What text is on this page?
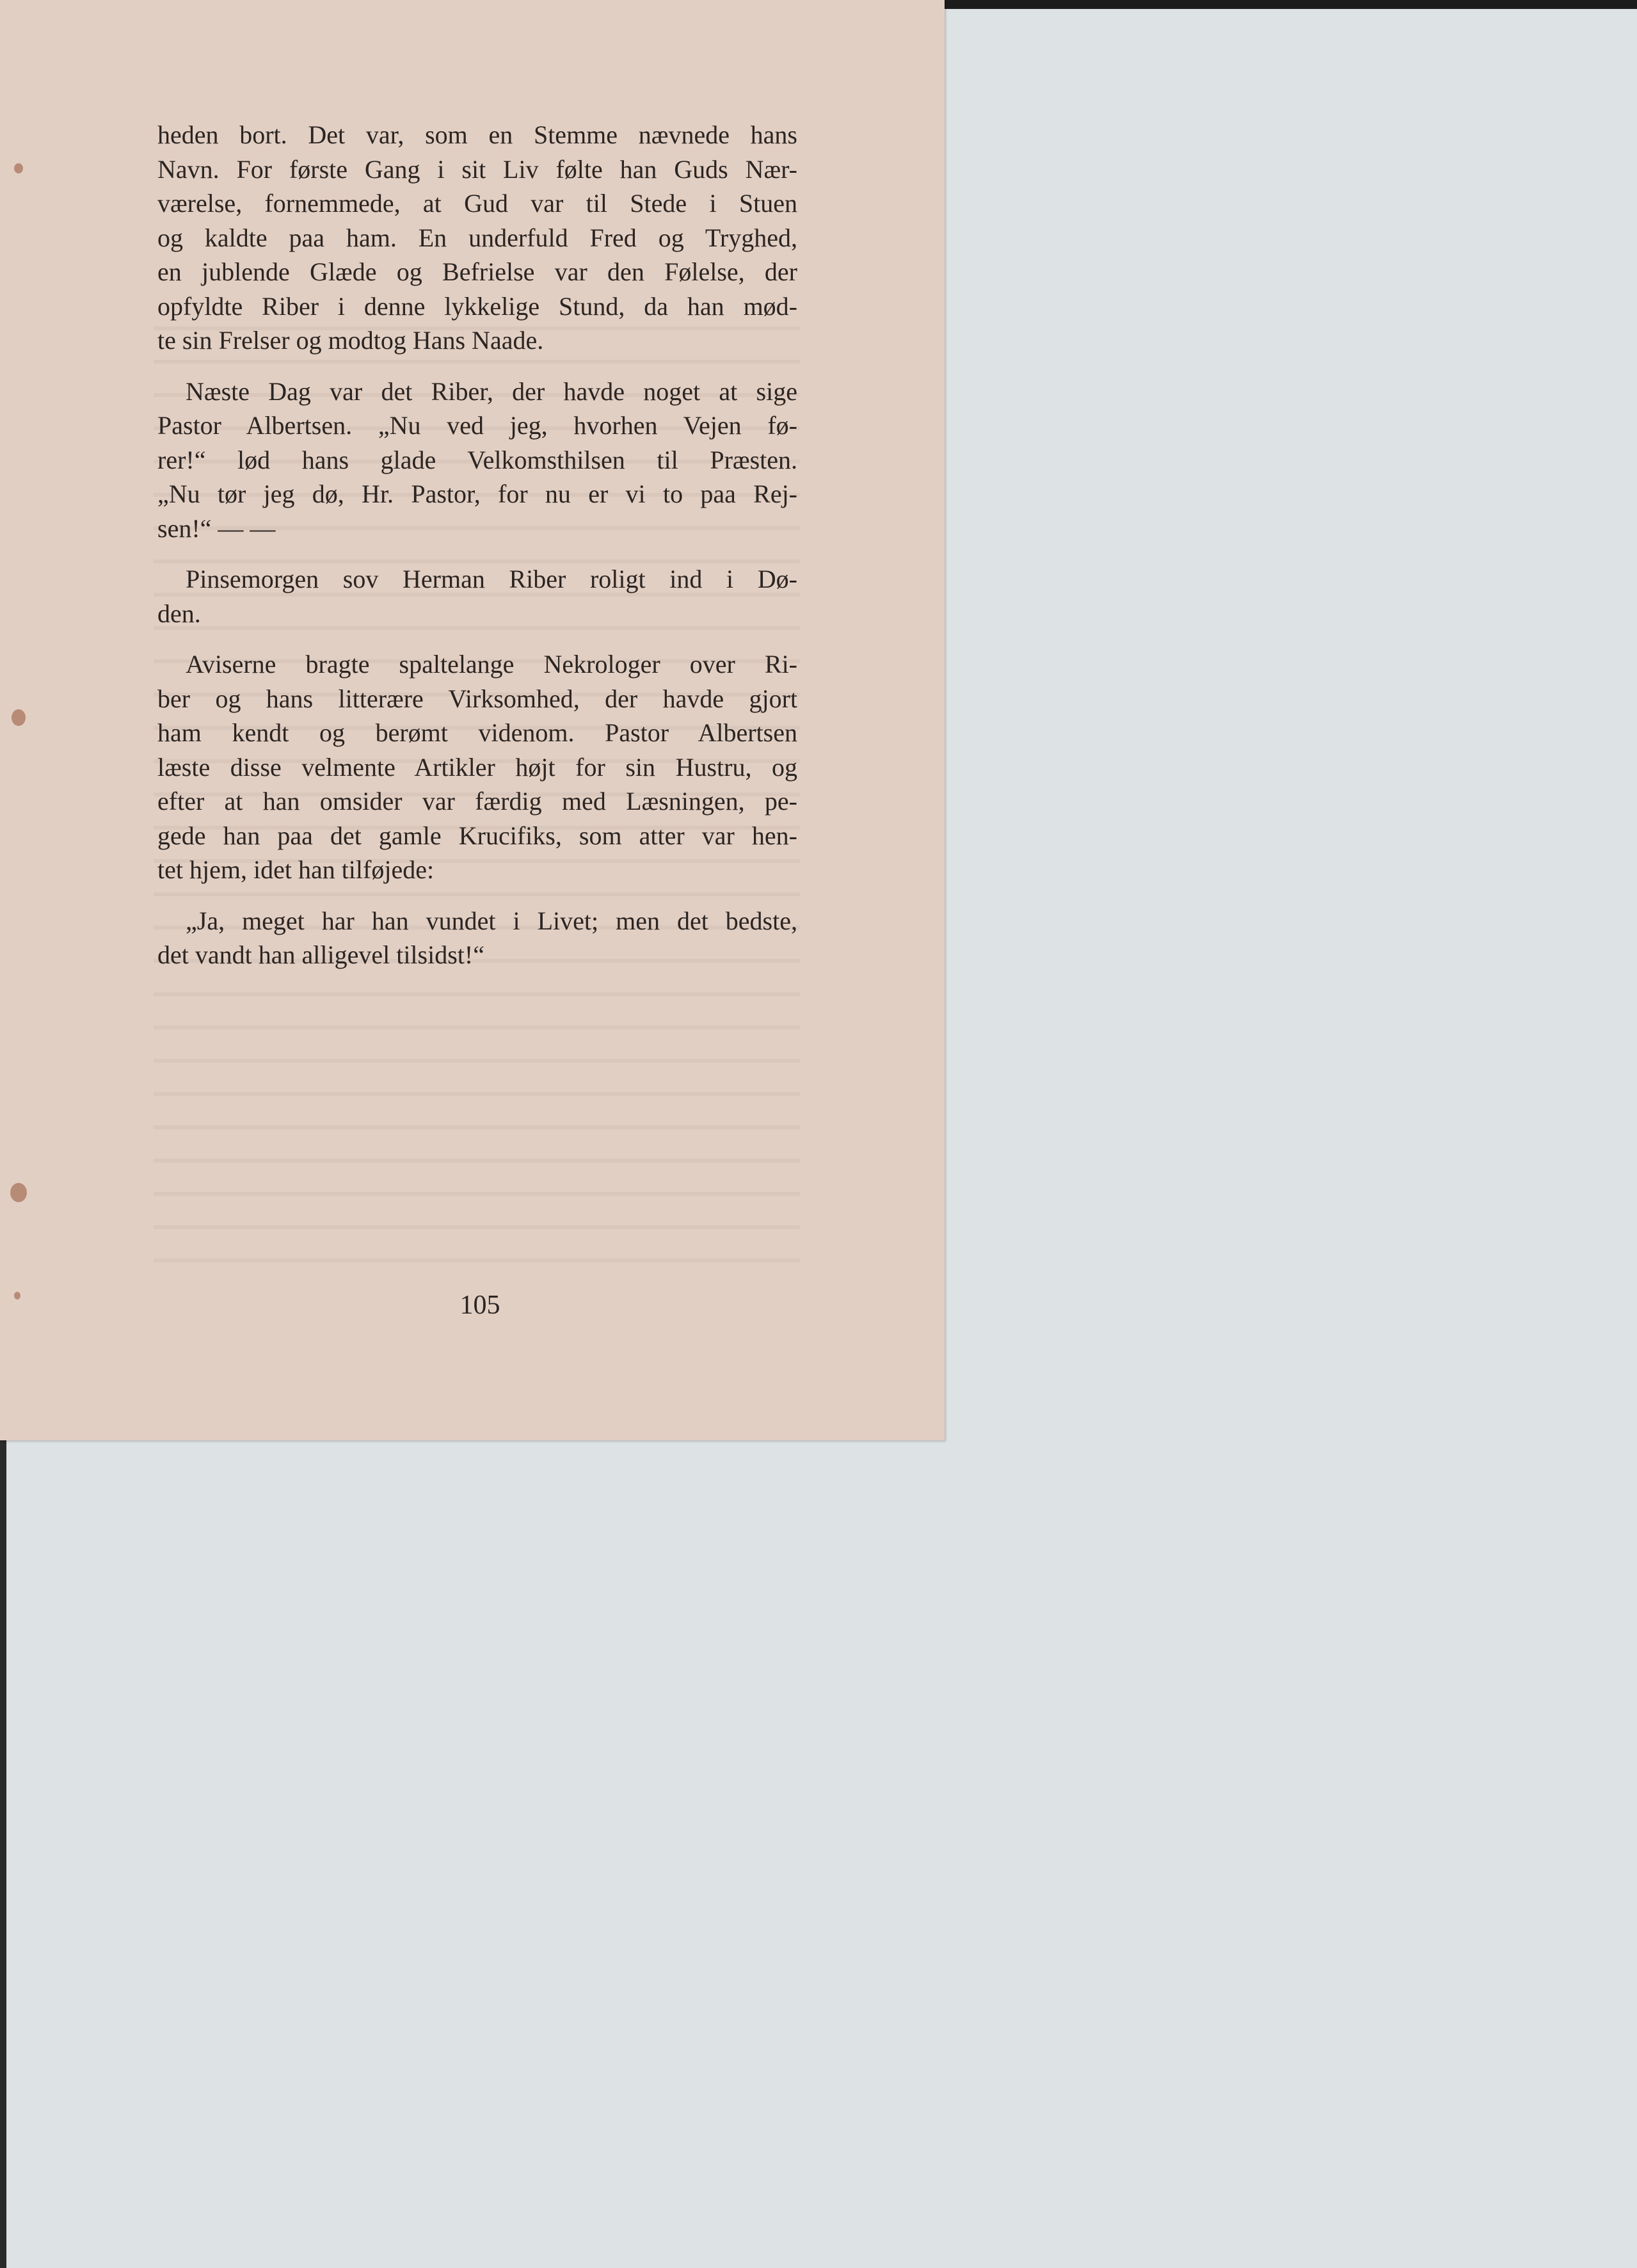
heden bort. Det var, som en Stemme nævnede hans
Navn. For første Gang i sit Liv følte han Guds Nær-
værelse, fornemmede, at Gud var til Stede i Stuen
og kaldte paa ham. En underfuld Fred og Tryghed,
en jublende Glæde og Befrielse var den Følelse, der
opfyldte Riber i denne lykkelige Stund, da han mød-
te sin Frelser og modtog Hans Naade.
Næste Dag var det Riber, der havde noget at sige
Pastor Albertsen. „Nu ved jeg, hvorhen Vejen fø-
rer!“ lød hans glade Velkomsthilsen til Præsten.
„Nu tør jeg dø, Hr. Pastor, for nu er vi to paa Rej-
sen!“ — —
Pinsemorgen sov Herman Riber roligt ind i Dø-
den.
Aviserne bragte spaltelange Nekrologer over Ri-
ber og hans litterære Virksomhed, der havde gjort
ham kendt og berømt videnom. Pastor Albertsen
læste disse velmente Artikler højt for sin Hustru, og
efter at han omsider var færdig med Læsningen, pe-
gede han paa det gamle Krucifiks, som atter var hen-
tet hjem, idet han tilføjede:
„Ja, meget har han vundet i Livet; men det bedste,
det vandt han alligevel tilsidst!“
105
